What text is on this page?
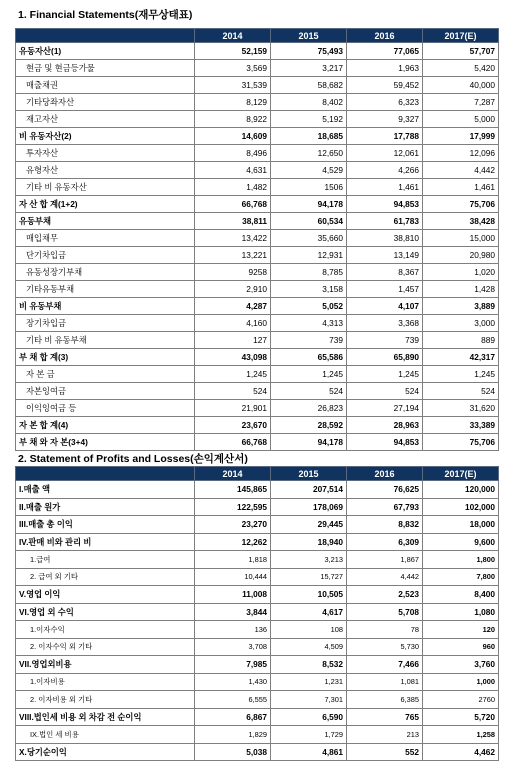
1. Financial Statements(재무상태표)
	2014	2015	2016	2017(E)
유동자산(1)	52,159	75,493	77,065	57,707
현금 및 현금등가물	3,569	3,217	1,963	5,420
매출채권	31,539	58,682	59,452	40,000
기타당좌자산	8,129	8,402	6,323	7,287
재고자산	8,922	5,192	9,327	5,000
비 유동자산(2)	14,609	18,685	17,788	17,999
투자자산	8,496	12,650	12,061	12,096
유형자산	4,631	4,529	4,266	4,442
기타 비 유동자산	1,482	1506	1,461	1,461
자 산 합 계(1+2)	66,768	94,178	94,853	75,706
유동부채	38,811	60,534	61,783	38,428
매입채무	13,422	35,660	38,810	15,000
단기차입금	13,221	12,931	13,149	20,980
유동성장기부채	9258	8,785	8,367	1,020
기타유동부채	2,910	3,158	1,457	1,428
비 유동부채	4,287	5,052	4,107	3,889
장기차입금	4,160	4,313	3,368	3,000
기타 비 유동부채	127	739	739	889
부 채 합 계(3)	43,098	65,586	65,890	42,317
자 본 금	1,245	1,245	1,245	1,245
자본잉여금	524	524	524	524
이익잉여금 등	21,901	26,823	27,194	31,620
자 본 합 계(4)	23,670	28,592	28,963	33,389
부 채 와 자 본(3+4)	66,768	94,178	94,853	75,706
2. Statement of Profits and Losses(손익계산서)
	2014	2015	2016	2017(E)
I.매출 액	145,865	207,514	76,625	120,000
II.매출 원가	122,595	178,069	67,793	102,000
III.매출 총 이익	23,270	29,445	8,832	18,000
IV.판매 비와 관리 비	12,262	18,940	6,309	9,600
1.급여	1,818	3,213	1,867	1,800
2. 급여 외 기타	10,444	15,727	4,442	7,800
V.영업 이익	11,008	10,505	2,523	8,400
VI.영업 외 수익	3,844	4,617	5,708	1,080
1.이자수익	136	108	78	120
2. 이자수익 외 기타	3,708	4,509	5,730	960
VII.영업외비용	7,985	8,532	7,466	3,760
1.이자비용	1,430	1,231	1,081	1,000
2. 이자비용 외 기타	6,555	7,301	6,385	2760
VIII.법인세 비용 외 차감 전 순이익	6,867	6,590	765	5,720
IX.법인 세 비용	1,829	1,729	213	1,258
X.당기순이익	5,038	4,861	552	4,462
